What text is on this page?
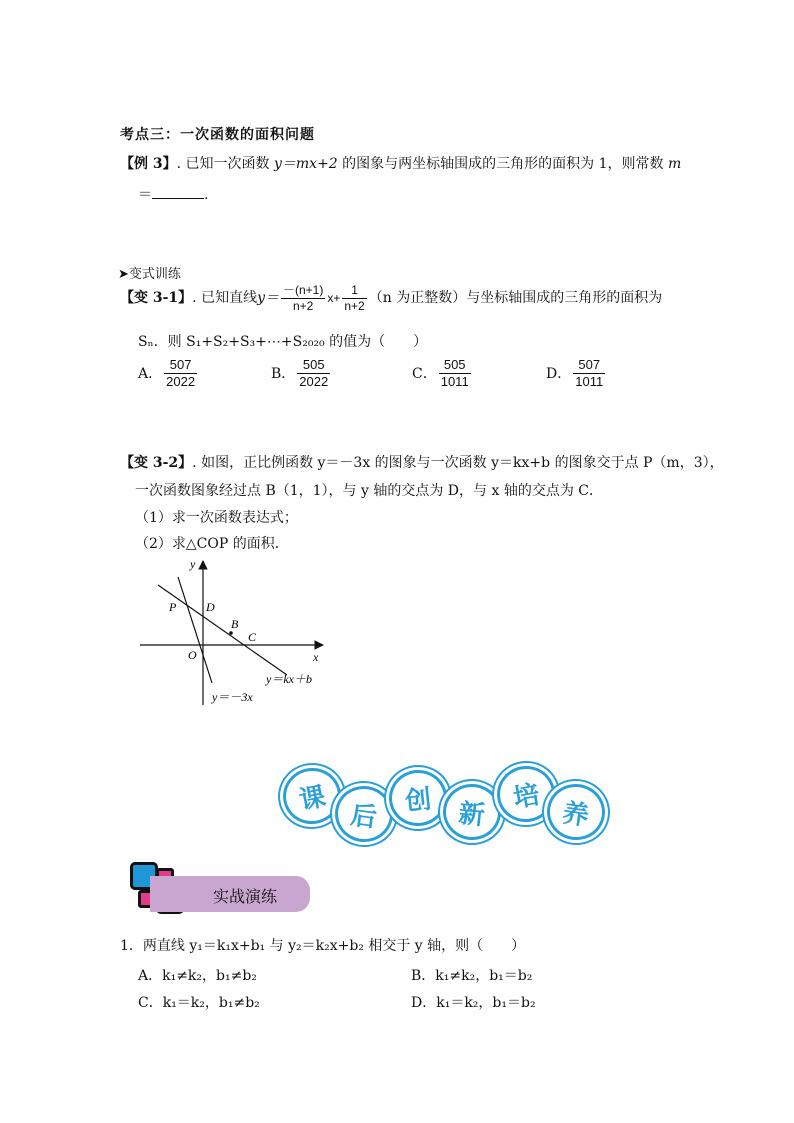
考点三：一次函数的面积问题
【例 3】. 已知一次函数 y＝mx+2 的图象与两坐标轴围成的三角形的面积为 1，则常数 m
＝	.
➤变式训练
【变 3-1】. 已知直线$y= \frac{-(n+1)}{n+2} x+ \frac{1}{n+2} (n$ 为正整数）与坐标轴围成的三角形的面积为
Sₙ．则 S₁+S₂+S₃+⋯+S₂₀₂₀ 的值为（　　）
A． $\frac{507}{2022}$	B． $\frac{505}{2022}$	C． $\frac{505}{1011}$	D． $\frac{507}{1011}$
【变 3-2】. 如图，正比例函数 y＝－3x 的图象与一次函数 y＝kx+b 的图象交于点 P（m，3），
一次函数图象经过点 B（1，1），与 y 轴的交点为 D，与 x 轴的交点为 C．
（1）求一次函数表达式；
（2）求△COP 的面积．
y
x
O
P D
B
C
y＝kx＋b
y＝－3x
课
后 创 新
培
养
实战演练
1．两直线 y₁＝k₁x+b₁ 与 y₂＝k₂x+b₂ 相交于 y 轴，则（　　）
A．k₁≠k₂，b₁≠b₂	B．k₁≠k₂，b₁＝b₂
C．k₁＝k₂，b₁≠b₂	D．k₁＝k₂，b₁＝b₂
